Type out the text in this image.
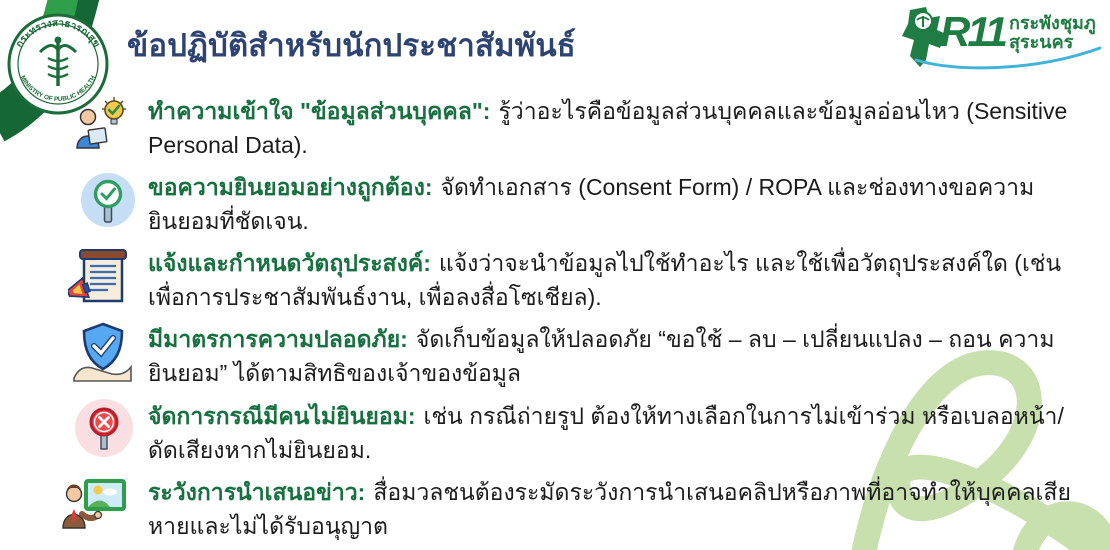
กระทรวงสาธารณสุข
MINISTRY OF PUBLIC HEALTH
ข้อปฏิบัติสำหรับนักประชาสัมพันธ์	R11 กระพังชุมภู
สุระนคร
ทำความเข้าใจ "ข้อมูลส่วนบุคคล": รู้ว่าอะไรคือข้อมูลส่วนบุคคลและข้อมูลอ่อนไหว (Sensitive Personal Data).
ขอความยินยอมอย่างถูกต้อง: จัดทำเอกสาร (Consent Form) / ROPA และช่องทางขอความยินยอมที่ชัดเจน.
แจ้งและกำหนดวัตถุประสงค์: แจ้งว่าจะนำข้อมูลไปใช้ทำอะไร และใช้เพื่อวัตถุประสงค์ใด (เช่น เพื่อการประชาสัมพันธ์งาน, เพื่อลงสื่อโซเชียล).
มีมาตรการความปลอดภัย: จัดเก็บข้อมูลให้ปลอดภัย “ขอใช้ – ลบ – เปลี่ยนแปลง – ถอน ความยินยอม” ได้ตามสิทธิของเจ้าของข้อมูล
จัดการกรณีมีคนไม่ยินยอม: เช่น กรณีถ่ายรูป ต้องให้ทางเลือกในการไม่เข้าร่วม หรือเบลอหน้า/ดัดเสียงหากไม่ยินยอม.
ระวังการนำเสนอข่าว: สื่อมวลชนต้องระมัดระวังการนำเสนอคลิปหรือภาพที่อาจทำให้บุคคลเสียหายและไม่ได้รับอนุญาต
